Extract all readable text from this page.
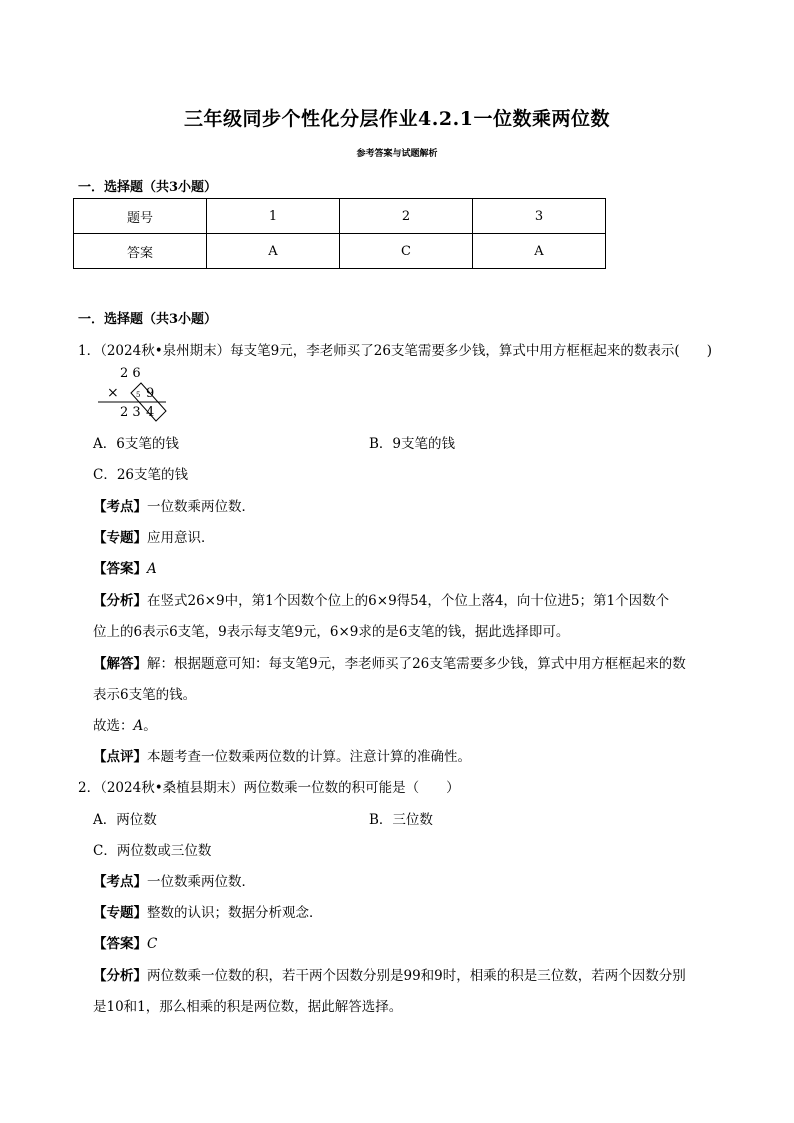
三年级同步个性化分层作业4.2.1一位数乘两位数
参考答案与试题解析
一．选择题（共3小题）
题号	1	2	3
答案	A	C	A
一．选择题（共3小题）
1．（2024秋•泉州期末）每支笔9元，李老师买了26支笔需要多少钱，算式中用方框框起来的数表示(　　)
2 6
× 9
5
2 3 4
A．6支笔的钱	B．9支笔的钱
C．26支笔的钱
【考点】一位数乘两位数．
【专题】应用意识．
【答案】A
【分析】在竖式26×9中，第1个因数个位上的6×9得54，个位上落4，向十位进5；第1个因数个
位上的6表示6支笔，9表示每支笔9元，6×9求的是6支笔的钱，据此选择即可。
【解答】解：根据题意可知：每支笔9元，李老师买了26支笔需要多少钱，算式中用方框框起来的数
表示6支笔的钱。
故选：A。
【点评】本题考查一位数乘两位数的计算。注意计算的准确性。
2．（2024秋•桑植县期末）两位数乘一位数的积可能是（　　）
A．两位数	B．三位数
C．两位数或三位数
【考点】一位数乘两位数．
【专题】整数的认识；数据分析观念．
【答案】C
【分析】两位数乘一位数的积，若干两个因数分别是99和9时，相乘的积是三位数，若两个因数分别
是10和1，那么相乘的积是两位数，据此解答选择。
